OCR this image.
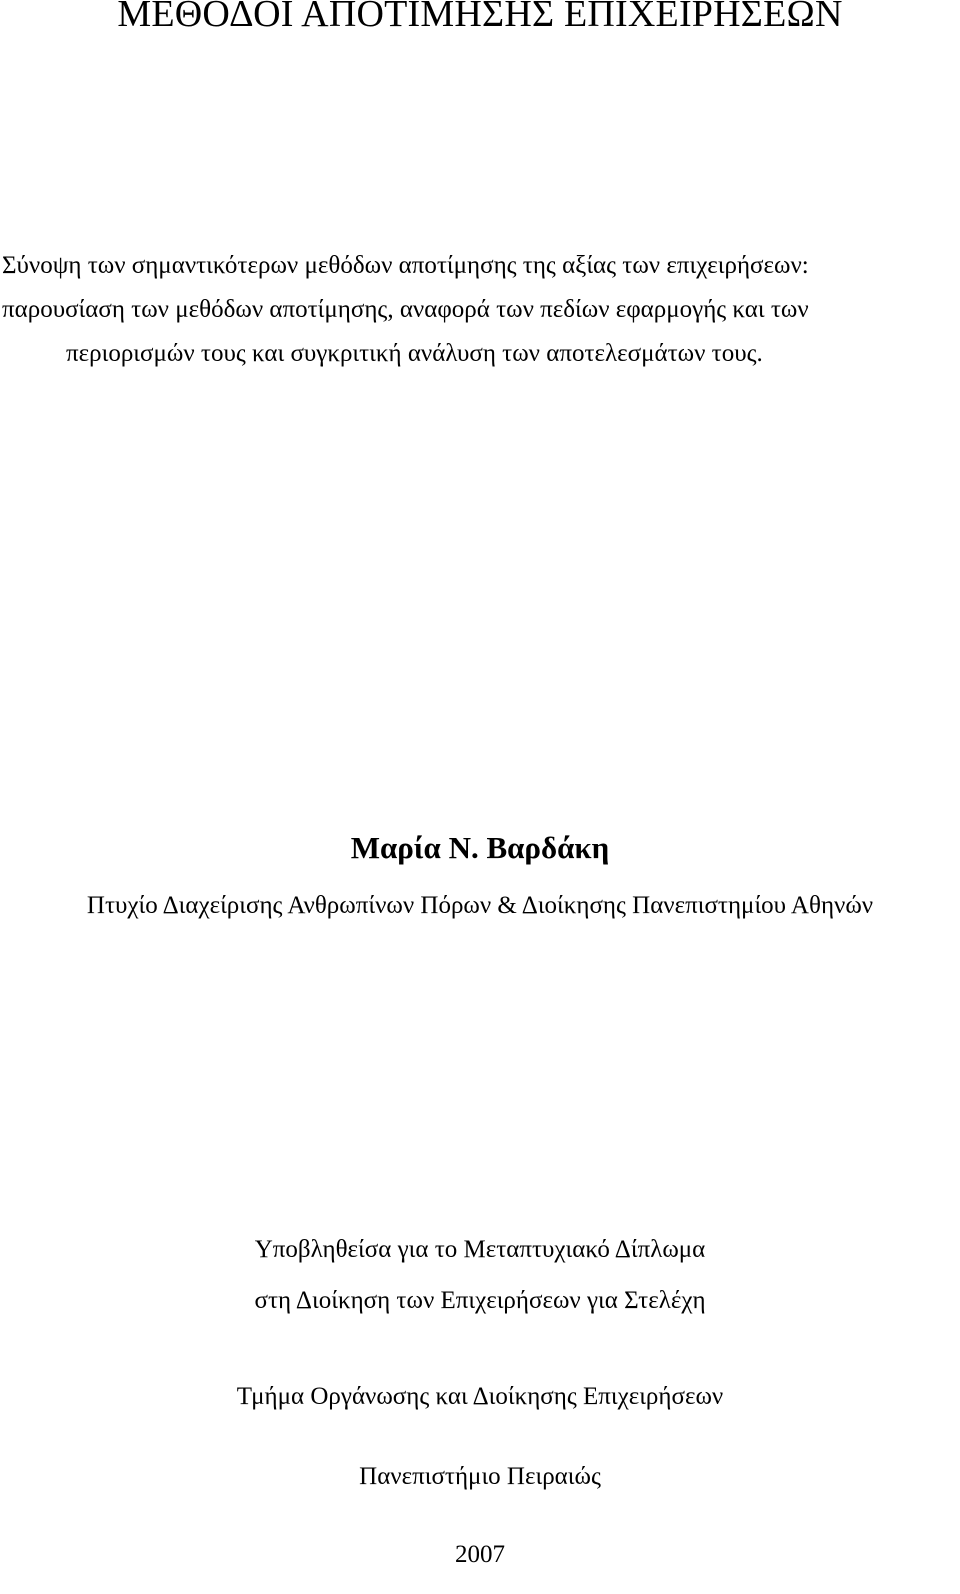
ΜΕΘΟΔΟΙ ΑΠΟΤΙΜΗΣΗΣ ΕΠΙΧΕΙΡΗΣΕΩΝ
Σύνοψη των σημαντικότερων μεθόδων αποτίμησης της αξίας των επιχειρήσεων:
παρουσίαση των μεθόδων αποτίμησης, αναφορά των πεδίων εφαρμογής και των
περιορισμών τους και συγκριτική ανάλυση των αποτελεσμάτων τους.
Μαρία Ν. Βαρδάκη
Πτυχίο Διαχείρισης Ανθρωπίνων Πόρων & Διοίκησης Πανεπιστημίου Αθηνών
Υποβληθείσα για το Μεταπτυχιακό Δίπλωμα
στη Διοίκηση των Επιχειρήσεων για Στελέχη
Τμήμα Οργάνωσης και Διοίκησης Επιχειρήσεων
Πανεπιστήμιο Πειραιώς
2007
